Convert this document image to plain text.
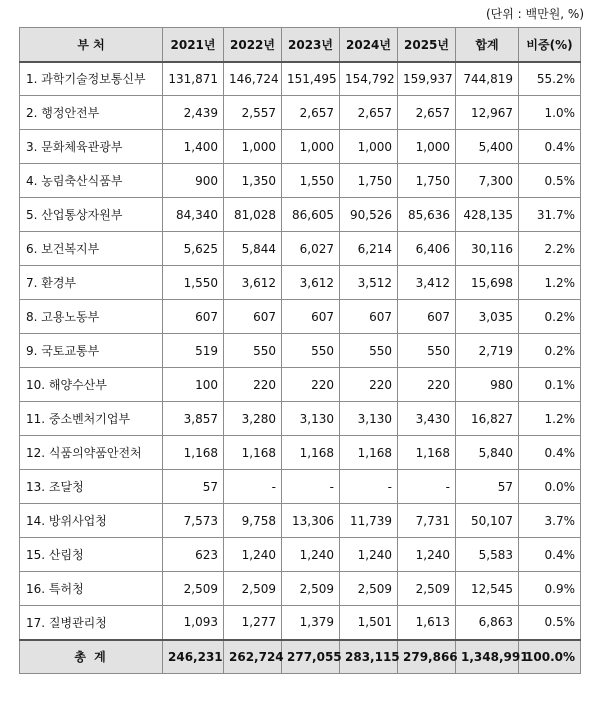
(단위 : 백만원, %)
부 처	2021년	2022년	2023년	2024년	2025년	합계	비중(%)
1. 과학기술정보통신부	131,871	146,724	151,495	154,792	159,937	744,819	55.2%
2. 행정안전부	2,439	2,557	2,657	2,657	2,657	12,967	1.0%
3. 문화체육관광부	1,400	1,000	1,000	1,000	1,000	5,400	0.4%
4. 농림축산식품부	900	1,350	1,550	1,750	1,750	7,300	0.5%
5. 산업통상자원부	84,340	81,028	86,605	90,526	85,636	428,135	31.7%
6. 보건복지부	5,625	5,844	6,027	6,214	6,406	30,116	2.2%
7. 환경부	1,550	3,612	3,612	3,512	3,412	15,698	1.2%
8. 고용노동부	607	607	607	607	607	3,035	0.2%
9. 국토교통부	519	550	550	550	550	2,719	0.2%
10. 해양수산부	100	220	220	220	220	980	0.1%
11. 중소벤처기업부	3,857	3,280	3,130	3,130	3,430	16,827	1.2%
12. 식품의약품안전처	1,168	1,168	1,168	1,168	1,168	5,840	0.4%
13. 조달청	57	-	-	-	-	57	0.0%
14. 방위사업청	7,573	9,758	13,306	11,739	7,731	50,107	3.7%
15. 산림청	623	1,240	1,240	1,240	1,240	5,583	0.4%
16. 특허청	2,509	2,509	2,509	2,509	2,509	12,545	0.9%
17. 질병관리청	1,093	1,277	1,379	1,501	1,613	6,863	0.5%
총 계	246,231	262,724	277,055	283,115	279,866	1,348,991	100.0%
